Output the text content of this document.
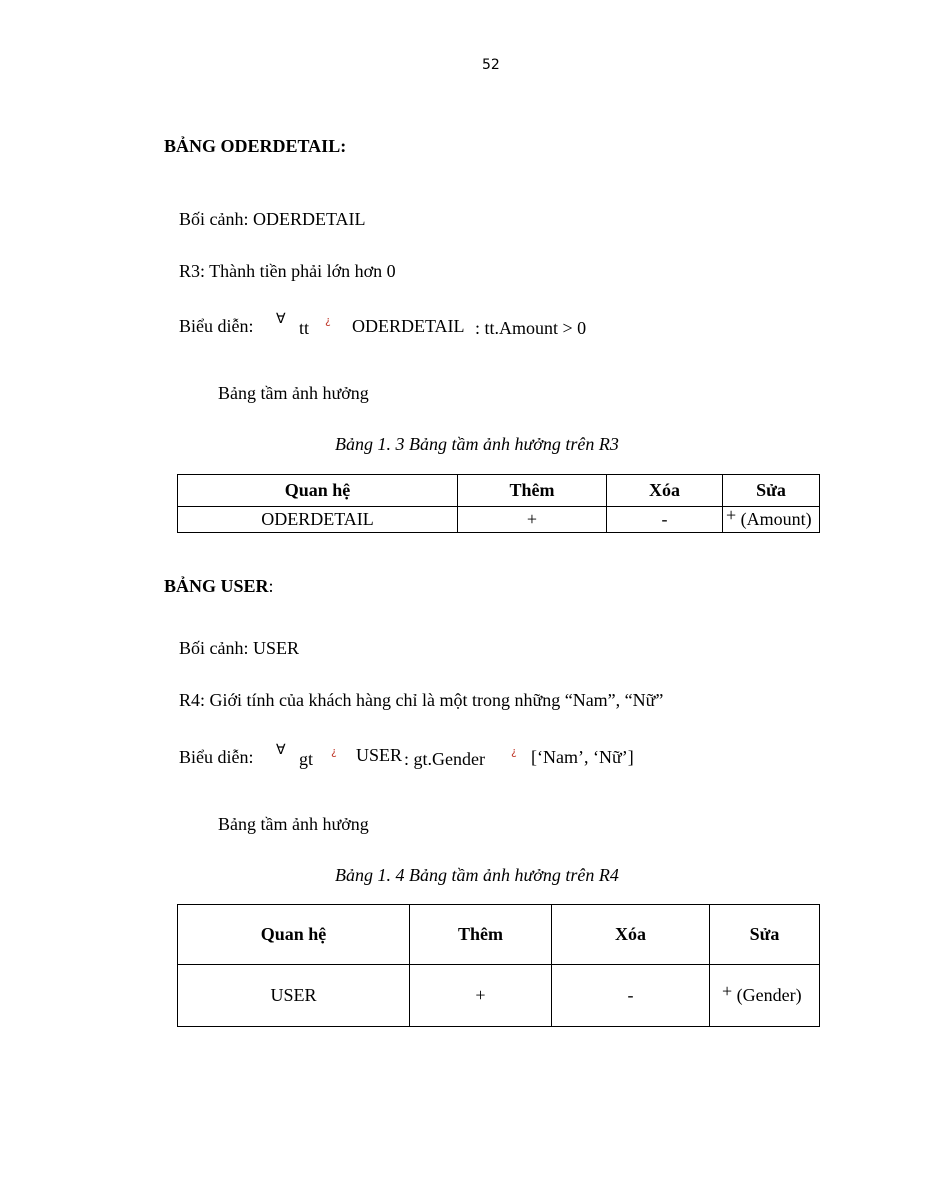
52
BẢNG ODERDETAIL:
Bối cảnh: ODERDETAIL
R3: Thành tiền phải lớn hơn 0
Biểu diễn: ∀ tt ¿ ODERDETAIL : tt.Amount > 0
Bảng tầm ảnh hưởng
Bảng 1. 3 Bảng tầm ảnh hưởng trên R3
Quan hệ	Thêm	Xóa	Sửa
ODERDETAIL	+	-	+ (Amount)
BẢNG USER:
Bối cảnh: USER
R4: Giới tính của khách hàng chỉ là một trong những “Nam”, “Nữ”
Biểu diễn: ∀ gt ¿ USER : gt.Gender ¿ [‘Nam’, ‘Nữ’]
Bảng tầm ảnh hưởng
Bảng 1. 4 Bảng tầm ảnh hưởng trên R4
Quan hệ	Thêm	Xóa	Sửa
USER	+	-	+ (Gender)
